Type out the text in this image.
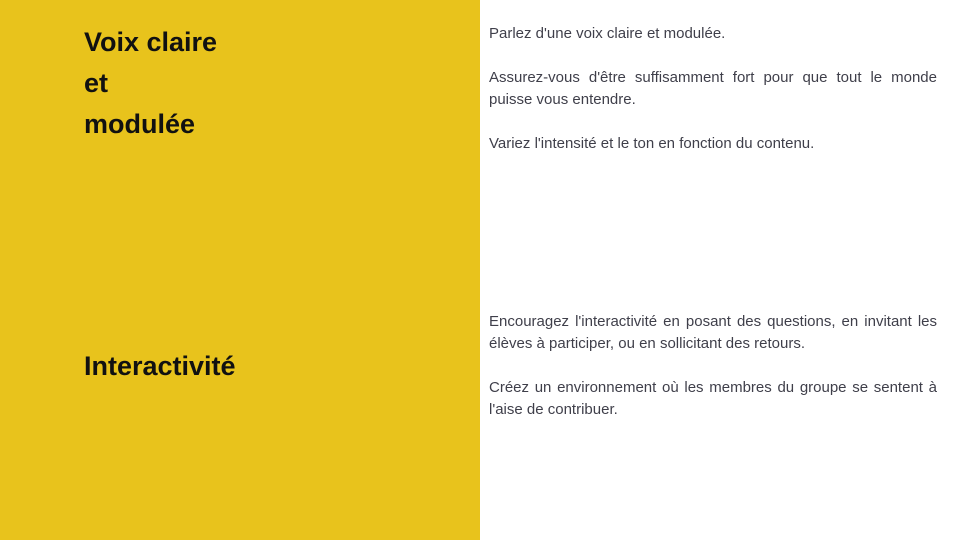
Voix claire
et
modulée

Parlez d'une voix claire et modulée.

Assurez-vous d'être suffisamment fort pour que tout le monde puisse vous entendre.

Variez l'intensité et le ton en fonction du contenu.

Interactivité

Encouragez l'interactivité en posant des questions, en invitant les élèves à participer, ou en sollicitant des retours.

Créez un environnement où les membres du groupe se sentent à l'aise de contribuer.
